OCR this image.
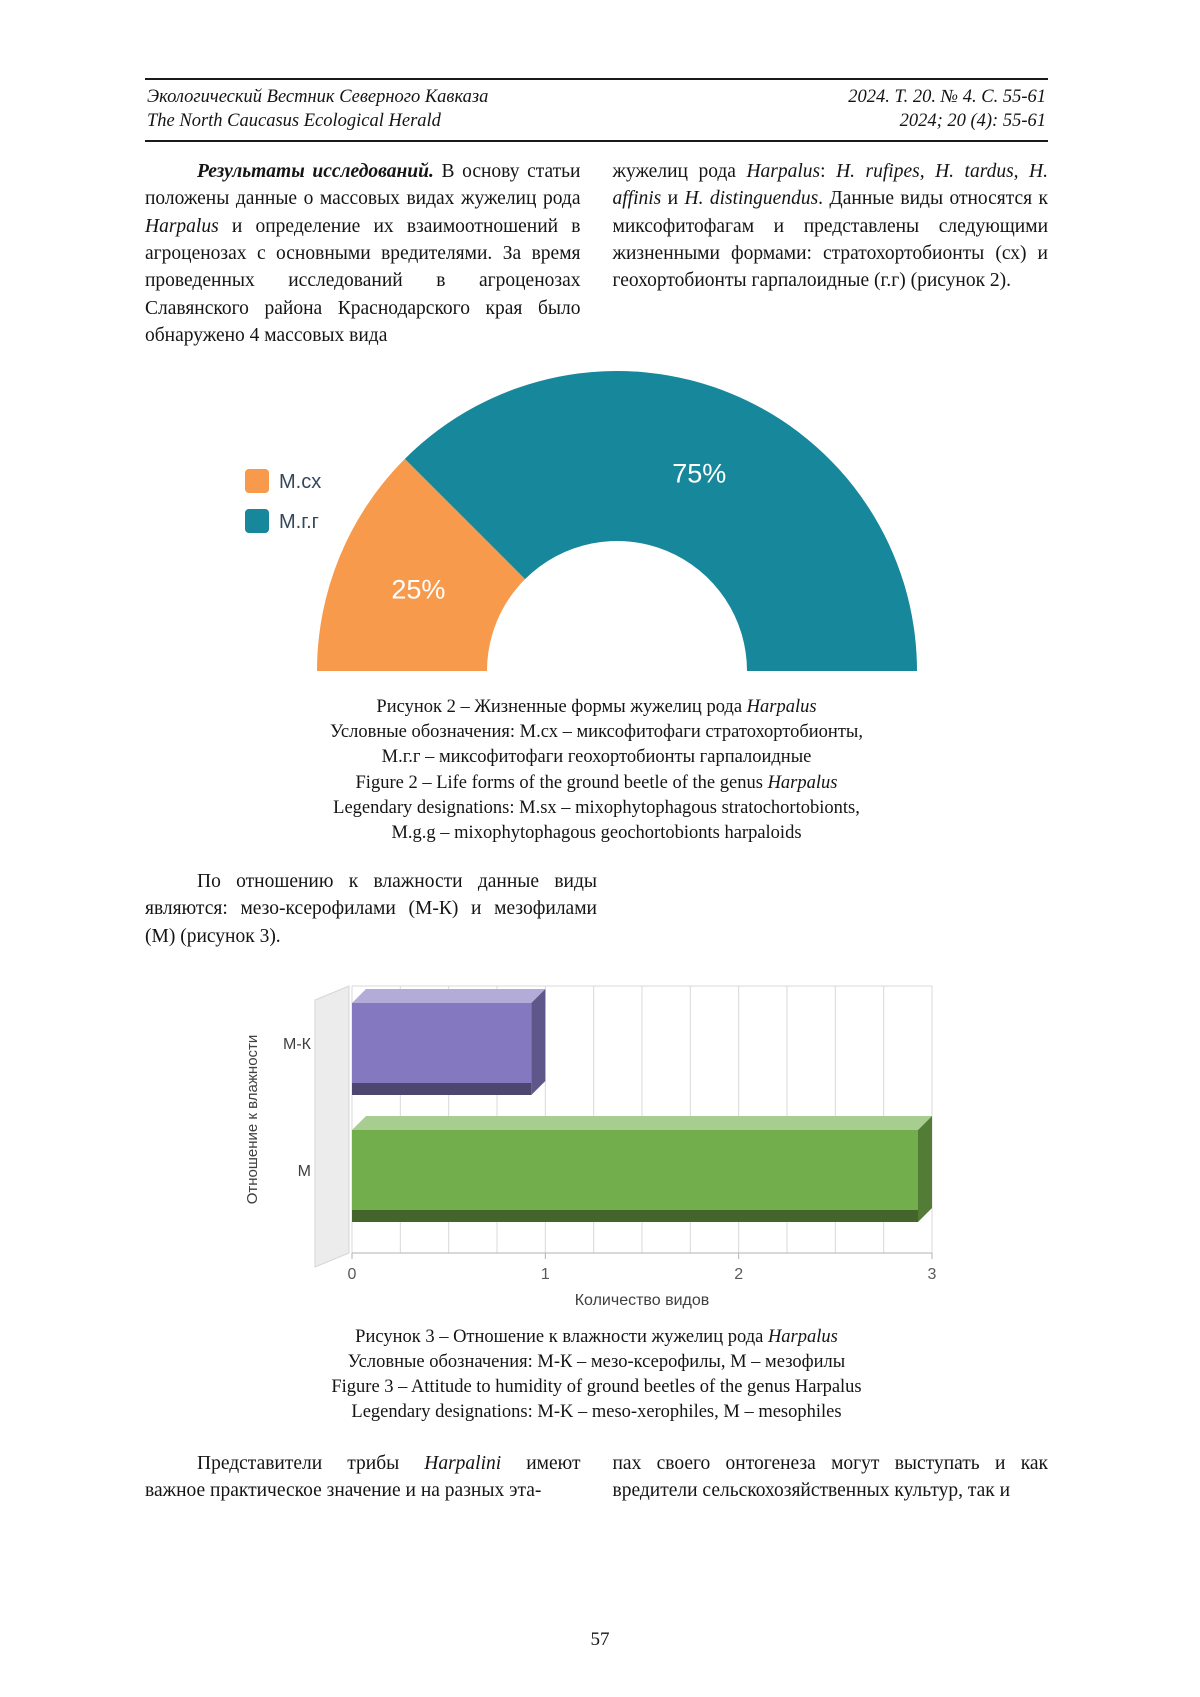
Экологический Вестник Северного Кавказа	2024. Т. 20. № 4. С. 55-61
The North Caucasus Ecological Herald	2024; 20 (4): 55-61

Результаты исследований. В основу статьи положены данные о массовых видах жужелиц рода Harpalus и определение их взаимоотношений в агроценозах с основными вредителями. За время проведенных исследований в агроценозах Славянского района Краснодарского края было обнаружено 4 массовых вида

жужелиц рода Harpalus: H. rufipes, H. tardus, H. affinis и H. distinguendus. Данные виды относятся к миксофитофагам и представлены следующими жизненными формами: стратохортобионты (сх) и геохортобионты гарпалоидные (г.г) (рисунок 2).

25%
75%
М.сх
М.г.г
Рисунок 2 – Жизненные формы жужелиц рода Harpalus
Условные обозначения: М.сх – миксофитофаги стратохортобионты,
М.г.г – миксофитофаги геохортобионты гарпалоидные
Figure 2 – Life forms of the ground beetle of the genus Harpalus
Legendary designations: M.sx – mixophytophagous stratochortobionts,
M.g.g – mixophytophagous geochortobionts harpaloids

По отношению к влажности данные виды являются: мезо-ксерофилами (М-К) и мезофилами (М) (рисунок 3).

М-К
М
0	1	2	3
Количество видов
Отношение к влажности
Рисунок 3 – Отношение к влажности жужелиц рода Harpalus
Условные обозначения: М-К – мезо-ксерофилы, М – мезофилы
Figure 3 – Attitude to humidity of ground beetles of the genus Harpalus
Legendary designations: M-K – meso-xerophiles, M – mesophiles

Представители трибы Harpalini имеют важное практическое значение и на разных эта-

пах своего онтогенеза могут выступать и как вредители сельскохозяйственных культур, так и

57
